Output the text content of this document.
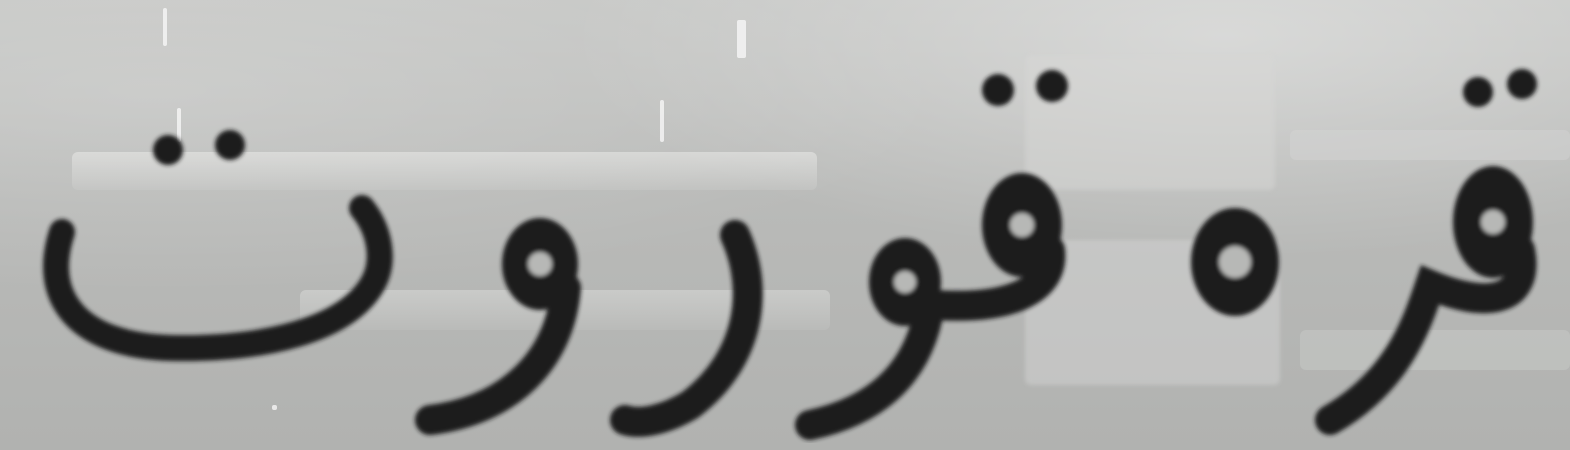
قره قوروت
